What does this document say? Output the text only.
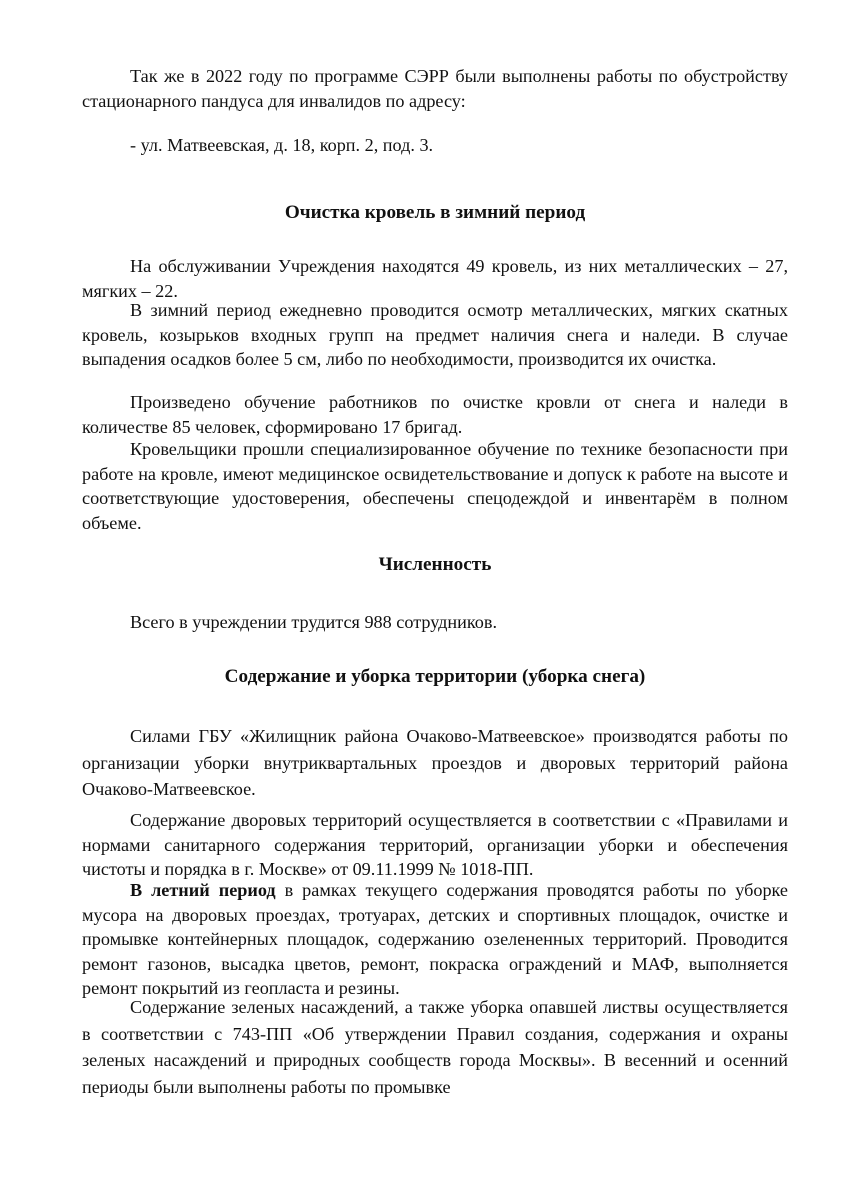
Так же в 2022 году по программе СЭРР были выполнены работы по обустройству стационарного пандуса для инвалидов по адресу:

- ул. Матвеевская, д. 18, корп. 2, под. 3.

Очистка кровель в зимний период

На обслуживании Учреждения находятся 49 кровель, из них металлических – 27, мягких – 22.

В зимний период ежедневно проводится осмотр металлических, мягких скатных кровель, козырьков входных групп на предмет наличия снега и наледи. В случае выпадения осадков более 5 см, либо по необходимости, производится их очистка.

Произведено обучение работников по очистке кровли от снега и наледи в количестве 85 человек, сформировано 17 бригад.

Кровельщики прошли специализированное обучение по технике безопасности при работе на кровле, имеют медицинское освидетельствование и допуск к работе на высоте и соответствующие удостоверения, обеспечены спецодеждой и инвентарём в полном объеме.

Численность

Всего в учреждении трудится 988 сотрудников.

Содержание и уборка территории (уборка снега)

Силами ГБУ «Жилищник района Очаково-Матвеевское» производятся работы по организации уборки внутриквартальных проездов и дворовых территорий района Очаково-Матвеевское.

Содержание дворовых территорий осуществляется в соответствии с «Правилами и нормами санитарного содержания территорий, организации уборки и обеспечения чистоты и порядка в г. Москве» от 09.11.1999 № 1018-ПП.

В летний период в рамках текущего содержания проводятся работы по уборке мусора на дворовых проездах, тротуарах, детских и спортивных площадок, очистке и промывке контейнерных площадок, содержанию озелененных территорий. Проводится ремонт газонов, высадка цветов, ремонт, покраска ограждений и МАФ, выполняется ремонт покрытий из геопласта и резины.

Содержание зеленых насаждений, а также уборка опавшей листвы осуществляется в соответствии с 743-ПП «Об утверждении Правил создания, содержания и охраны зеленых насаждений и природных сообществ города Москвы». В весенний и осенний периоды были выполнены работы по промывке
